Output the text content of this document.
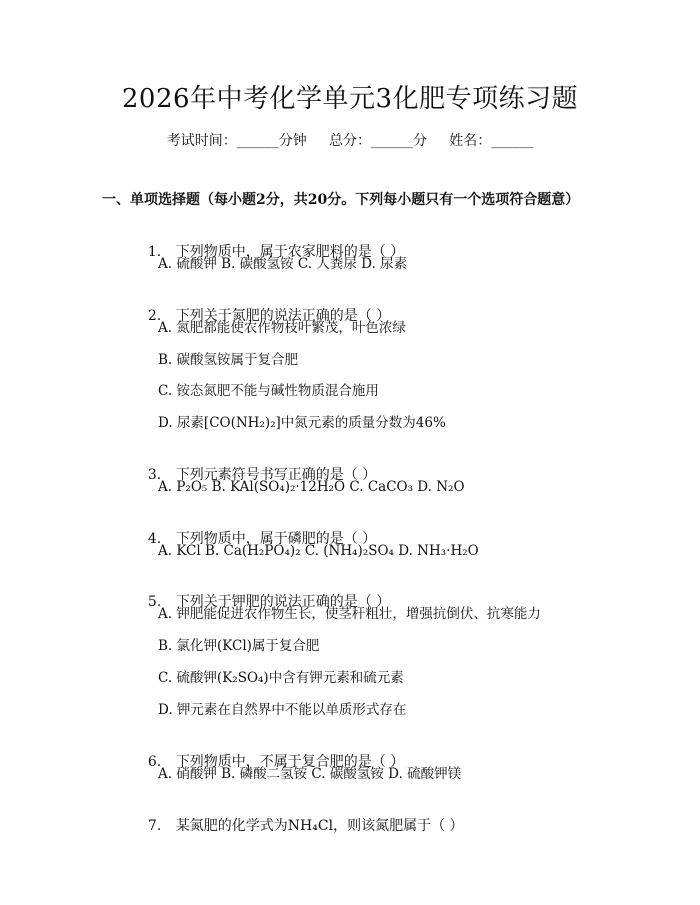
2026年中考化学单元3化肥专项练习题
考试时间：______分钟     总分：______分     姓名：______
一、单项选择题（每小题2分，共20分。下列每小题只有一个选项符合题意）

1. 下列物质中，属于农家肥料的是（ ）

A. 硫酸钾 B. 碳酸氢铵 C. 人粪尿 D. 尿素

2. 下列关于氮肥的说法正确的是（ ）

A. 氮肥都能使农作物枝叶繁茂，叶色浓绿
B. 碳酸氢铵属于复合肥
C. 铵态氮肥不能与碱性物质混合施用
D. 尿素[CO(NH₂)₂]中氮元素的质量分数为46%

3. 下列元素符号书写正确的是（ ）

A. P₂O₅ B. KAl(SO₄)₂·12H₂O C. CaCO₃ D. N₂O

4. 下列物质中，属于磷肥的是（ ）

A. KCl B. Ca(H₂PO₄)₂ C. (NH₄)₂SO₄ D. NH₃·H₂O

5. 下列关于钾肥的说法正确的是（ ）

A. 钾肥能促进农作物生长，使茎秆粗壮，增强抗倒伏、抗寒能力
B. 氯化钾(KCl)属于复合肥
C. 硫酸钾(K₂SO₄)中含有钾元素和硫元素
D. 钾元素在自然界中不能以单质形式存在

6. 下列物质中，不属于复合肥的是（ ）

A. 硝酸钾 B. 磷酸二氢铵 C. 碳酸氢铵 D. 硫酸钾镁

7. 某氮肥的化学式为NH₄Cl，则该氮肥属于（ ）
